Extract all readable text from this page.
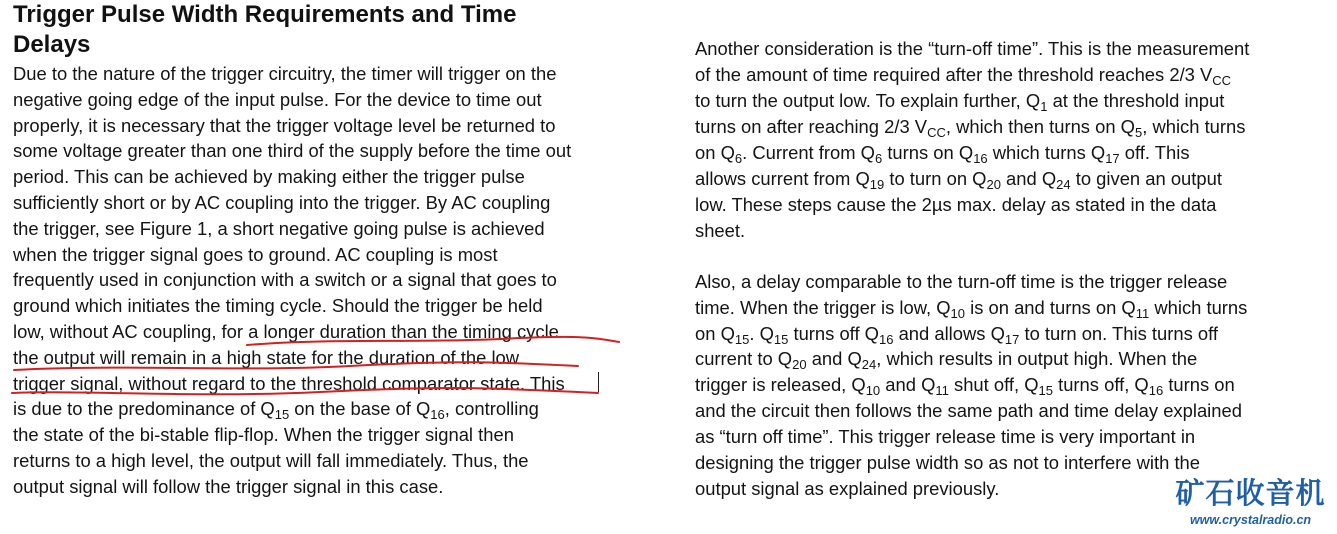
Trigger Pulse Width Requirements and Time
Delays
Due to the nature of the trigger circuitry, the timer will trigger on the
negative going edge of the input pulse. For the device to time out
properly, it is necessary that the trigger voltage level be returned to
some voltage greater than one third of the supply before the time out
period. This can be achieved by making either the trigger pulse
sufficiently short or by AC coupling into the trigger. By AC coupling
the trigger, see Figure 1, a short negative going pulse is achieved
when the trigger signal goes to ground. AC coupling is most
frequently used in conjunction with a switch or a signal that goes to
ground which initiates the timing cycle. Should the trigger be held
low, without AC coupling, for a longer duration than the timing cycle
the output will remain in a high state for the duration of the low
trigger signal, without regard to the threshold comparator state. This
is due to the predominance of $Q_{15}$ on the base of $Q_{16}$, controlling
the state of the bi-stable flip-flop. When the trigger signal then
returns to a high level, the output will fall immediately. Thus, the
output signal will follow the trigger signal in this case.
Another consideration is the “turn-off time”. This is the measurement
of the amount of time required after the threshold reaches 2/3 $V_{CC}$
to turn the output low. To explain further, $Q_1$ at the threshold input
turns on after reaching 2/3 $V_{CC}$, which then turns on $Q_5$, which turns
on $Q_6$. Current from $Q_6$ turns on $Q_{16}$ which turns $Q_{17}$ off. This
allows current from $Q_{19}$ to turn on $Q_{20}$ and $Q_{24}$ to given an output
low. These steps cause the 2µs max. delay as stated in the data
sheet.
Also, a delay comparable to the turn-off time is the trigger release
time. When the trigger is low, $Q_{10}$ is on and turns on $Q_{11}$ which turns
on $Q_{15}$. $Q_{15}$ turns off $Q_{16}$ and allows $Q_{17}$ to turn on. This turns off
current to $Q_{20}$ and $Q_{24}$, which results in output high. When the
trigger is released, $Q_{10}$ and $Q_{11}$ shut off, $Q_{15}$ turns off, $Q_{16}$ turns on
and the circuit then follows the same path and time delay explained
as “turn off time”. This trigger release time is very important in
designing the trigger pulse width so as not to interfere with the
output signal as explained previously.	矿石收音机
www.crystalradio.cn
